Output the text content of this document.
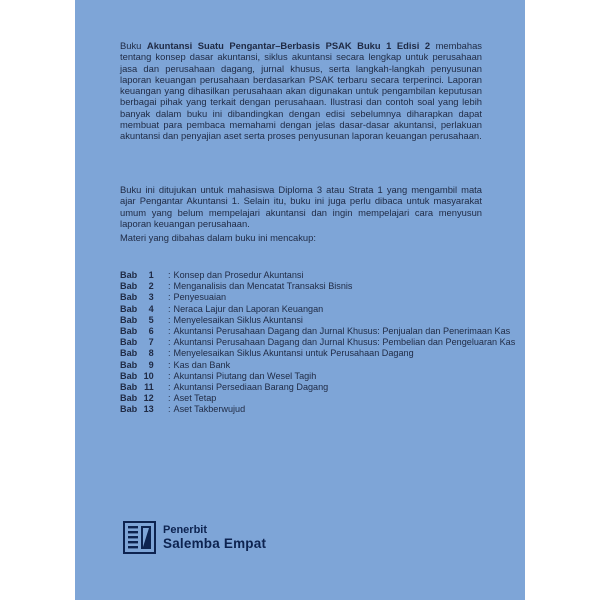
Buku Akuntansi Suatu Pengantar–Berbasis PSAK Buku 1 Edisi 2 membahas tentang konsep dasar akuntansi, siklus akuntansi secara lengkap untuk perusahaan jasa dan perusahaan dagang, jurnal khusus, serta langkah-langkah penyusunan laporan keuangan perusahaan berdasarkan PSAK terbaru secara terperinci. Laporan keuangan yang dihasilkan perusahaan akan digunakan untuk pengambilan keputusan berbagai pihak yang terkait dengan perusahaan. Ilustrasi dan contoh soal yang lebih banyak dalam buku ini dibandingkan dengan edisi sebelumnya diharapkan dapat membuat para pembaca memahami dengan jelas dasar-dasar akuntansi, perlakuan akuntansi dan penyajian aset serta proses penyusunan laporan keuangan perusahaan.
Buku ini ditujukan untuk mahasiswa Diploma 3 atau Strata 1 yang mengambil mata ajar Pengantar Akuntansi 1. Selain itu, buku ini juga perlu dibaca untuk masyarakat umum yang belum mempelajari akuntansi dan ingin mempelajari cara menyusun laporan keuangan perusahaan.
Materi yang dibahas dalam buku ini mencakup:
Bab 1	: Konsep dan Prosedur Akuntansi
Bab 2	: Menganalisis dan Mencatat Transaksi Bisnis
Bab 3	: Penyesuaian
Bab 4	: Neraca Lajur dan Laporan Keuangan
Bab 5	: Menyelesaikan Siklus Akuntansi
Bab 6	: Akuntansi Perusahaan Dagang dan Jurnal Khusus: Penjualan dan Penerimaan Kas
Bab 7	: Akuntansi Perusahaan Dagang dan Jurnal Khusus: Pembelian dan Pengeluaran Kas
Bab 8	: Menyelesaikan Siklus Akuntansi untuk Perusahaan Dagang
Bab 9	: Kas dan Bank
Bab 10	: Akuntansi Piutang dan Wesel Tagih
Bab 11	: Akuntansi Persediaan Barang Dagang
Bab 12	: Aset Tetap
Bab 13	: Aset Takberwujud
Penerbit
Salemba Empat
